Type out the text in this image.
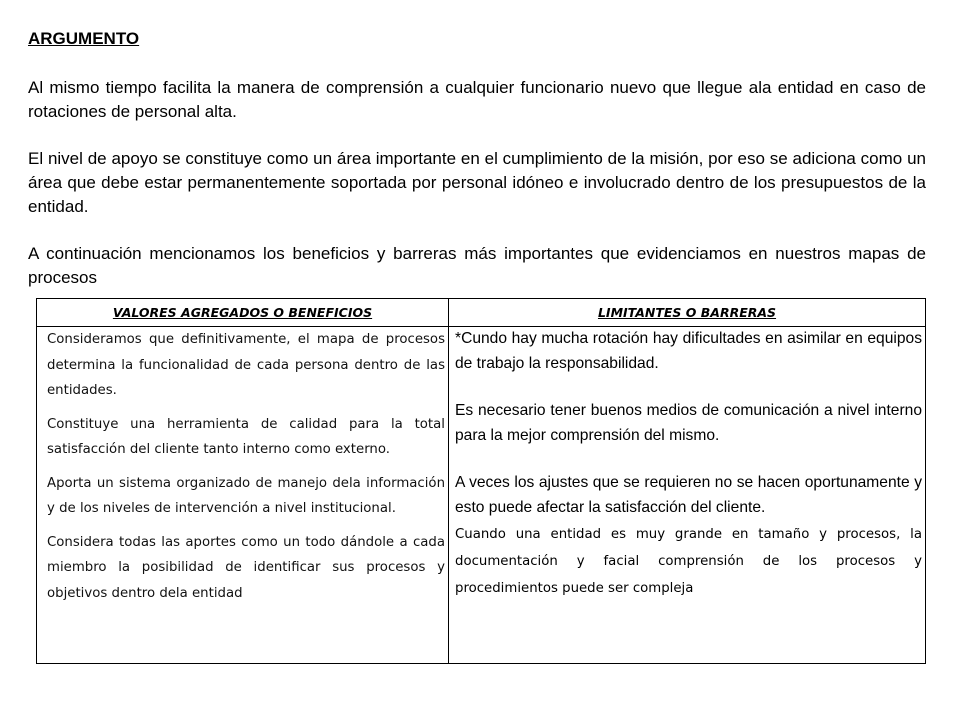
ARGUMENTO

Al mismo tiempo facilita la manera de comprensión a cualquier funcionario nuevo que llegue ala entidad en caso de rotaciones de personal alta.

El nivel de apoyo se constituye como un área importante en el cumplimiento de la misión, por eso se adiciona como un área que debe estar permanentemente soportada por personal idóneo e involucrado dentro de los presupuestos de la entidad.

A continuación mencionamos los beneficios y barreras más importantes que evidenciamos en nuestros mapas de procesos

VALORES AGREGADOS O BENEFICIOS	LIMITANTES O BARRERAS

Consideramos que definitivamente, el mapa de procesos determina la funcionalidad de cada persona dentro de las entidades.

Constituye una herramienta de calidad para la total satisfacción del cliente tanto interno como externo.

Aporta un sistema organizado de manejo dela información y de los niveles de intervención a nivel institucional.

Considera todas las aportes como un todo dándole a cada miembro la posibilidad de identificar sus procesos y objetivos dentro dela entidad

*Cundo hay mucha rotación hay dificultades en asimilar en equipos de trabajo la responsabilidad.

Es necesario tener buenos medios de comunicación a nivel interno para la mejor comprensión del mismo.

A veces los ajustes que se requieren no se hacen oportunamente y esto puede afectar la satisfacción del cliente.

Cuando una entidad es muy grande en tamaño y procesos, la documentación y facial comprensión de los procesos y procedimientos puede ser compleja
